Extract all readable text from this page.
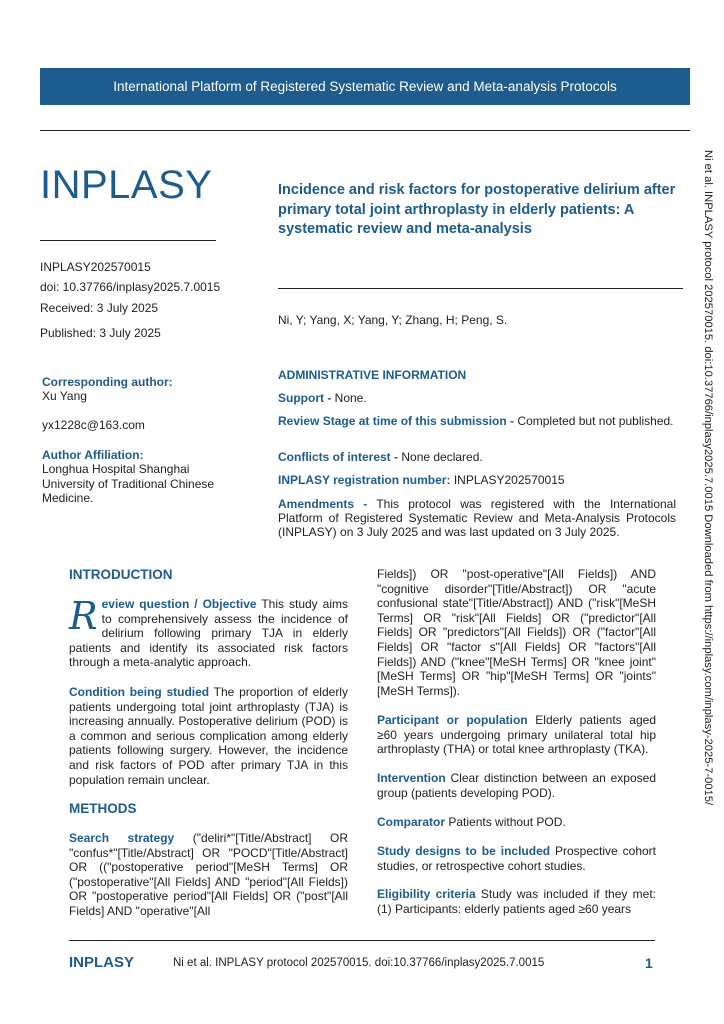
International Platform of Registered Systematic Review and Meta-analysis Protocols
INPLASY
INPLASY202570015
doi: 10.37766/inplasy2025.7.0015
Received: 3 July 2025
Published: 3 July 2025
Incidence and risk factors for postoperative delirium after primary total joint arthroplasty in elderly patients: A systematic review and meta-analysis
Ni, Y; Yang, X; Yang, Y; Zhang, H; Peng, S.
Corresponding author:
Xu Yang
yx1228c@163.com
Author Affiliation:
Longhua Hospital Shanghai University of Traditional Chinese Medicine.
ADMINISTRATIVE INFORMATION
Support - None.
Review Stage at time of this submission - Completed but not published.
Conflicts of interest - None declared.
INPLASY registration number: INPLASY202570015
Amendments - This protocol was registered with the International Platform of Registered Systematic Review and Meta-Analysis Protocols (INPLASY) on 3 July 2025 and was last updated on 3 July 2025.
INTRODUCTION
Review question / Objective This study aims to comprehensively assess the incidence of delirium following primary TJA in elderly patients and identify its associated risk factors through a meta-analytic approach.
Condition being studied The proportion of elderly patients undergoing total joint arthroplasty (TJA) is increasing annually. Postoperative delirium (POD) is a common and serious complication among elderly patients following surgery. However, the incidence and risk factors of POD after primary TJA in this population remain unclear.
METHODS
Search strategy ("deliri*"[Title/Abstract] OR "confus*"[Title/Abstract] OR "POCD"[Title/Abstract] OR (("postoperative period"[MeSH Terms] OR ("postoperative"[All Fields] AND "period"[All Fields]) OR "postoperative period"[All Fields] OR ("post"[All Fields] AND "operative"[All
Fields]) OR "post-operative"[All Fields]) AND "cognitive disorder"[Title/Abstract]) OR "acute confusional state"[Title/Abstract]) AND ("risk"[MeSH Terms] OR "risk"[All Fields] OR ("predictor"[All Fields] OR "predictors"[All Fields]) OR ("factor"[All Fields] OR "factor s"[All Fields] OR "factors"[All Fields]) AND ("knee"[MeSH Terms] OR "knee joint"[MeSH Terms] OR "hip"[MeSH Terms] OR "joints"[MeSH Terms]).
Participant or population Elderly patients aged ≥60 years undergoing primary unilateral total hip arthroplasty (THA) or total knee arthroplasty (TKA).
Intervention Clear distinction between an exposed group (patients developing POD).
Comparator Patients without POD.
Study designs to be included Prospective cohort studies, or retrospective cohort studies.
Eligibility criteria Study was included if they met: (1) Participants: elderly patients aged ≥60 years
Ni et al. INPLASY protocol 202570015. doi:10.37766/inplasy2025.7.0015 Downloaded from https://inplasy.com/inplasy-2025-7-0015/
INPLASY	Ni et al. INPLASY protocol 202570015. doi:10.37766/inplasy2025.7.0015	1
